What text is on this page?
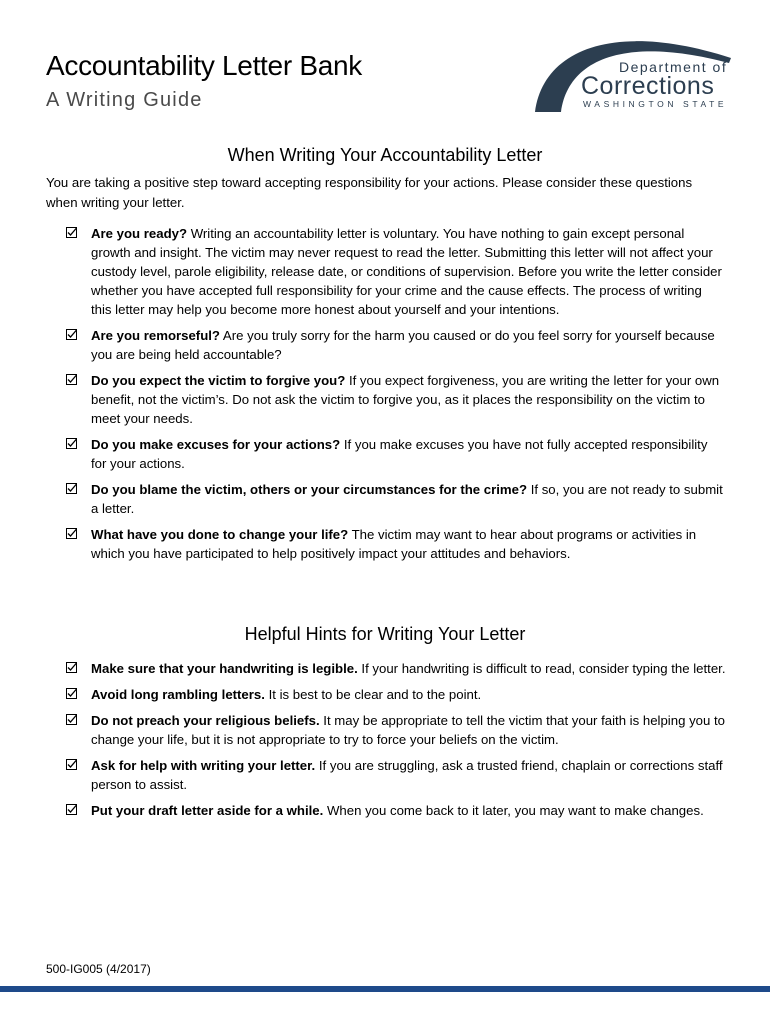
Accountability Letter Bank
A Writing Guide
Department of
Corrections
WASHINGTON STATE
When Writing Your Accountability Letter
You are taking a positive step toward accepting responsibility for your actions. Please consider these questions when writing your letter.
Are you ready? Writing an accountability letter is voluntary. You have nothing to gain except personal growth and insight. The victim may never request to read the letter. Submitting this letter will not affect your custody level, parole eligibility, release date, or conditions of supervision. Before you write the letter consider whether you have accepted full responsibility for your crime and the cause effects. The process of writing this letter may help you become more honest about yourself and your intentions.
Are you remorseful? Are you truly sorry for the harm you caused or do you feel sorry for yourself because you are being held accountable?
Do you expect the victim to forgive you? If you expect forgiveness, you are writing the letter for your own benefit, not the victim’s. Do not ask the victim to forgive you, as it places the responsibility on the victim to meet your needs.
Do you make excuses for your actions? If you make excuses you have not fully accepted responsibility for your actions.
Do you blame the victim, others or your circumstances for the crime? If so, you are not ready to submit a letter.
What have you done to change your life? The victim may want to hear about programs or activities in which you have participated to help positively impact your attitudes and behaviors.
Helpful Hints for Writing Your Letter
Make sure that your handwriting is legible. If your handwriting is difficult to read, consider typing the letter.
Avoid long rambling letters. It is best to be clear and to the point.
Do not preach your religious beliefs. It may be appropriate to tell the victim that your faith is helping you to change your life, but it is not appropriate to try to force your beliefs on the victim.
Ask for help with writing your letter. If you are struggling, ask a trusted friend, chaplain or corrections staff person to assist.
Put your draft letter aside for a while. When you come back to it later, you may want to make changes.
500-IG005 (4/2017)
